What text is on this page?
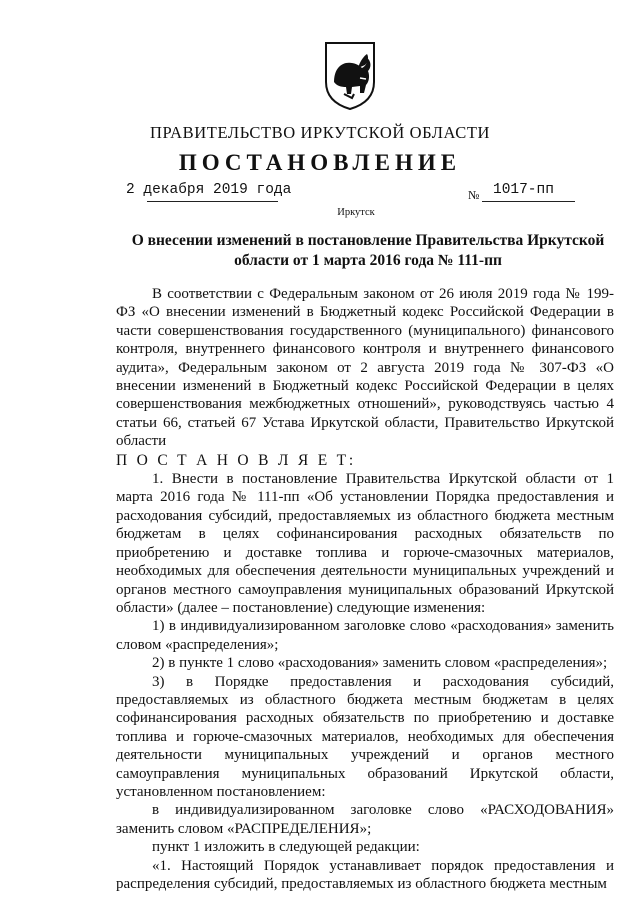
ПРАВИТЕЛЬСТВО ИРКУТСКОЙ ОБЛАСТИ
ПОСТАНОВЛЕНИЕ
2 декабря 2019 года	№ 1017-пп
Иркутск
О внесении изменений в постановление Правительства Иркутской области от 1 марта 2016 года № 111-пп

В соответствии с Федеральным законом от 26 июля 2019 года № 199-ФЗ «О внесении изменений в Бюджетный кодекс Российской Федерации в части совершенствования государственного (муниципального) финансового контроля, внутреннего финансового контроля и внутреннего финансового аудита», Федеральным законом от 2 августа 2019 года № 307-ФЗ «О внесении изменений в Бюджетный кодекс Российской Федерации в целях совершенствования межбюджетных отношений», руководствуясь частью 4 статьи 66, статьей 67 Устава Иркутской области, Правительство Иркутской области

П О С Т А Н О В Л Я Е Т:

1. Внести в постановление Правительства Иркутской области от 1 марта 2016 года № 111-пп «Об установлении Порядка предоставления и расходования субсидий, предоставляемых из областного бюджета местным бюджетам в целях софинансирования расходных обязательств по приобретению и доставке топлива и горюче-смазочных материалов, необходимых для обеспечения деятельности муниципальных учреждений и органов местного самоуправления муниципальных образований Иркутской области» (далее – постановление) следующие изменения:

1) в индивидуализированном заголовке слово «расходования» заменить словом «распределения»;

2) в пункте 1 слово «расходования» заменить словом «распределения»;

3) в Порядке предоставления и расходования субсидий, предоставляемых из областного бюджета местным бюджетам в целях софинансирования расходных обязательств по приобретению и доставке топлива и горюче-смазочных материалов, необходимых для обеспечения деятельности муниципальных учреждений и органов местного самоуправления муниципальных образований Иркутской области, установленном постановлением:

в индивидуализированном заголовке слово «РАСХОДОВАНИЯ» заменить словом «РАСПРЕДЕЛЕНИЯ»;

пункт 1 изложить в следующей редакции:

«1. Настоящий Порядок устанавливает порядок предоставления и распределения субсидий, предоставляемых из областного бюджета местным
